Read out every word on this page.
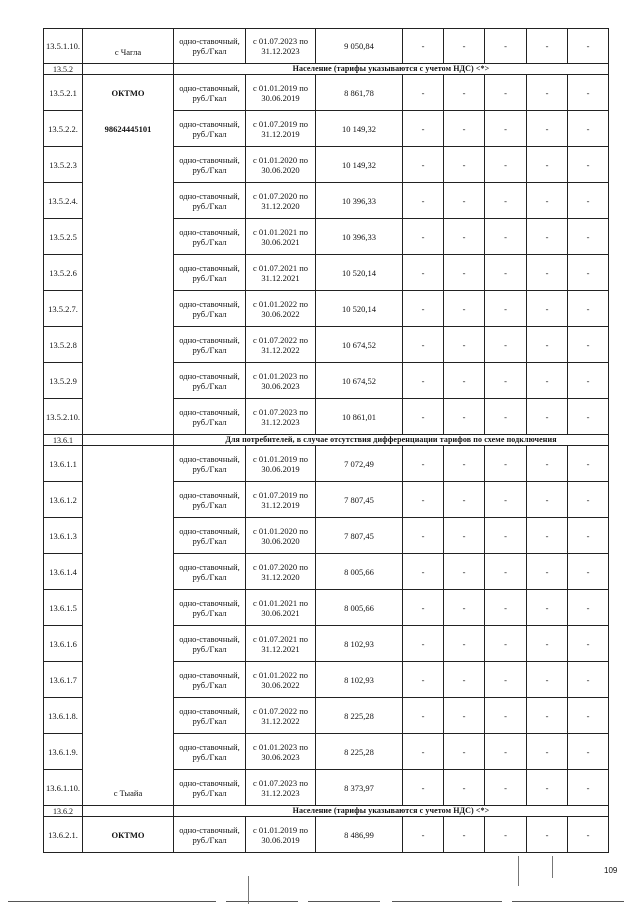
13.5.1.10.	с Чагла	одно-ставочный, руб./Гкал	с 01.07.2023 по 31.12.2023	9 050,84	-	-	-	-	-
13.5.2		Население (тарифы указываются с учетом НДС) <*>							
13.5.2.1	ОКТМО	одно-ставочный, руб./Гкал	с 01.01.2019 по 30.06.2019	8 861,78	-	-	-	-	-
13.5.2.2.	98624445101	одно-ставочный, руб./Гкал	с 01.07.2019 по 31.12.2019	10 149,32	-	-	-	-	-
13.5.2.3		одно-ставочный, руб./Гкал	с 01.01.2020 по 30.06.2020	10 149,32	-	-	-	-	-
13.5.2.4.		одно-ставочный, руб./Гкал	с 01.07.2020 по 31.12.2020	10 396,33	-	-	-	-	-
13.5.2.5		одно-ставочный, руб./Гкал	с 01.01.2021 по 30.06.2021	10 396,33	-	-	-	-	-
13.5.2.6		одно-ставочный, руб./Гкал	с 01.07.2021 по 31.12.2021	10 520,14	-	-	-	-	-
13.5.2.7.		одно-ставочный, руб./Гкал	с 01.01.2022 по 30.06.2022	10 520,14	-	-	-	-	-
13.5.2.8		одно-ставочный, руб./Гкал	с 01.07.2022 по 31.12.2022	10 674,52	-	-	-	-	-
13.5.2.9		одно-ставочный, руб./Гкал	с 01.01.2023 по 30.06.2023	10 674,52	-	-	-	-	-
13.5.2.10.		одно-ставочный, руб./Гкал	с 01.07.2023 по 31.12.2023	10 861,01	-	-	-	-	-
13.6.1		Для потребителей, в случае отсутствия дифференциации тарифов по схеме подключения							
13.6.1.1		одно-ставочный, руб./Гкал	с 01.01.2019 по 30.06.2019	7 072,49	-	-	-	-	-
13.6.1.2		одно-ставочный, руб./Гкал	с 01.07.2019 по 31.12.2019	7 807,45	-	-	-	-	-
13.6.1.3		одно-ставочный, руб./Гкал	с 01.01.2020 по 30.06.2020	7 807,45	-	-	-	-	-
13.6.1.4		одно-ставочный, руб./Гкал	с 01.07.2020 по 31.12.2020	8 005,66	-	-	-	-	-
13.6.1.5		одно-ставочный, руб./Гкал	с 01.01.2021 по 30.06.2021	8 005,66	-	-	-	-	-
13.6.1.6		одно-ставочный, руб./Гкал	с 01.07.2021 по 31.12.2021	8 102,93	-	-	-	-	-
13.6.1.7		одно-ставочный, руб./Гкал	с 01.01.2022 по 30.06.2022	8 102,93	-	-	-	-	-
13.6.1.8.		одно-ставочный, руб./Гкал	с 01.07.2022 по 31.12.2022	8 225,28	-	-	-	-	-
13.6.1.9.		одно-ставочный, руб./Гкал	с 01.01.2023 по 30.06.2023	8 225,28	-	-	-	-	-
13.6.1.10.	с Тыайа	одно-ставочный, руб./Гкал	с 01.07.2023 по 31.12.2023	8 373,97	-	-	-	-	-
13.6.2		Население (тарифы указываются с учетом НДС) <*>							
13.6.2.1.	ОКТМО	одно-ставочный, руб./Гкал	с 01.01.2019 по 30.06.2019	8 486,99	-	-	-	-	-
109
